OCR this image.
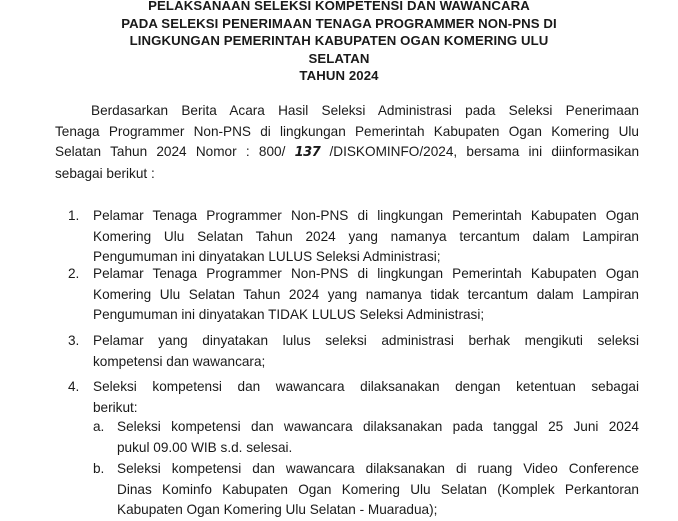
PELAKSANAAN SELEKSI KOMPETENSI DAN WAWANCARA
PADA SELEKSI PENERIMAAN TENAGA PROGRAMMER NON-PNS DI
LINGKUNGAN PEMERINTAH KABUPATEN OGAN KOMERING ULU
SELATAN
TAHUN 2024
Berdasarkan Berita Acara Hasil Seleksi Administrasi pada Seleksi Penerimaan
Tenaga Programmer Non-PNS di lingkungan Pemerintah Kabupaten Ogan Komering Ulu
Selatan Tahun 2024 Nomor : 800/ 137 /DISKOMINFO/2024, bersama ini diinformasikan
sebagai berikut :
1. Pelamar Tenaga Programmer Non-PNS di lingkungan Pemerintah Kabupaten Ogan
Komering Ulu Selatan Tahun 2024 yang namanya tercantum dalam Lampiran
Pengumuman ini dinyatakan LULUS Seleksi Administrasi;
2. Pelamar Tenaga Programmer Non-PNS di lingkungan Pemerintah Kabupaten Ogan
Komering Ulu Selatan Tahun 2024 yang namanya tidak tercantum dalam Lampiran
Pengumuman ini dinyatakan TIDAK LULUS Seleksi Administrasi;
3. Pelamar yang dinyatakan lulus seleksi administrasi berhak mengikuti seleksi
kompetensi dan wawancara;
4. Seleksi kompetensi dan wawancara dilaksanakan dengan ketentuan sebagai
berikut:
a. Seleksi kompetensi dan wawancara dilaksanakan pada tanggal 25 Juni 2024
pukul 09.00 WIB s.d. selesai.
b. Seleksi kompetensi dan wawancara dilaksanakan di ruang Video Conference
Dinas Kominfo Kabupaten Ogan Komering Ulu Selatan (Komplek Perkantoran
Kabupaten Ogan Komering Ulu Selatan - Muaradua);
